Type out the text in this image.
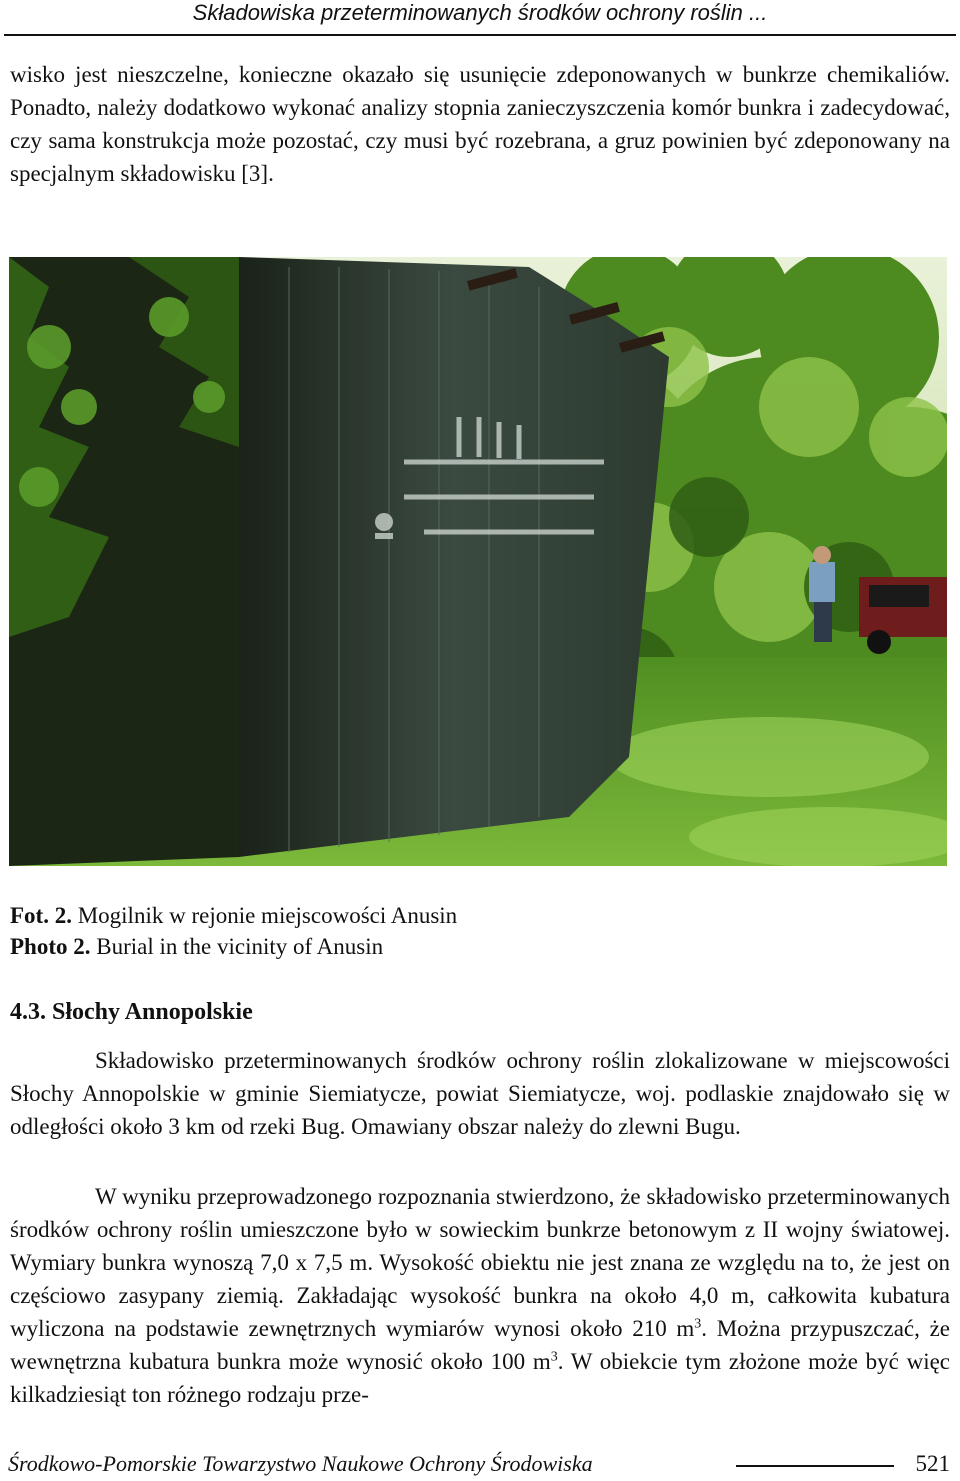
Składowiska przeterminowanych środków ochrony roślin ...

wisko jest nieszczelne, konieczne okazało się usunięcie zdeponowanych w bunkrze chemikaliów. Ponadto, należy dodatkowo wykonać analizy stopnia zanieczyszczenia komór bunkra i zadecydować, czy sama konstrukcja może pozostać, czy musi być rozebrana, a gruz powinien być zdeponowany na specjalnym składowisku [3].

Fot. 2. Mogilnik w rejonie miejscowości Anusin
Photo 2. Burial in the vicinity of Anusin
4.3. Słochy Annopolskie

Składowisko przeterminowanych środków ochrony roślin zlokalizowane w miejscowości Słochy Annopolskie w gminie Siemiatycze, powiat Siemiatycze, woj. podlaskie znajdowało się w odległości około 3 km od rzeki Bug. Omawiany obszar należy do zlewni Bugu.

W wyniku przeprowadzonego rozpoznania stwierdzono, że składowisko przeterminowanych środków ochrony roślin umieszczone było w sowieckim bunkrze betonowym z II wojny światowej. Wymiary bunkra wynoszą 7,0 x 7,5 m. Wysokość obiektu nie jest znana ze względu na to, że jest on częściowo zasypany ziemią. Zakładając wysokość bunkra na około 4,0 m, całkowita kubatura wyliczona na podstawie zewnętrznych wymiarów wynosi około 210 $m^3$. Można przypuszczać, że wewnętrzna kubatura bunkra może wynosić około 100 $m^3$. W obiekcie tym złożone może być więc kilkadziesiąt ton różnego rodzaju prze-

Środkowo-Pomorskie Towarzystwo Naukowe Ochrony Środowiska	521
